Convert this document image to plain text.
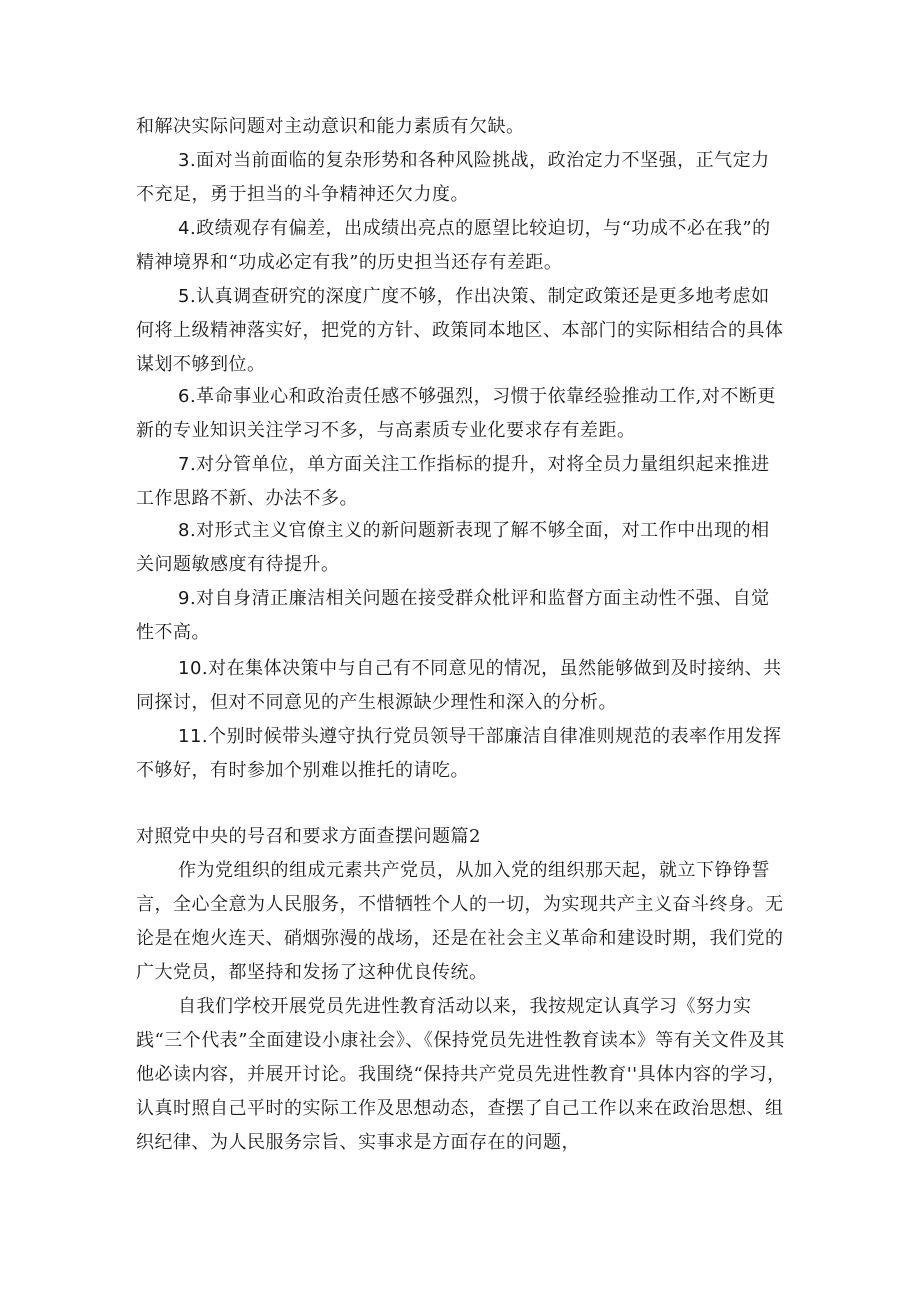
和解决实际问题对主动意识和能力素质有欠缺。

3.面对当前面临的复杂形势和各种风险挑战，政治定力不坚强，正气定力不充足，勇于担当的斗争精神还欠力度。

4.政绩观存有偏差，出成绩出亮点的愿望比较迫切，与“功成不必在我”的精神境界和“功成必定有我”的历史担当还存有差距。

5.认真调查研究的深度广度不够，作出决策、制定政策还是更多地考虑如何将上级精神落实好，把党的方针、政策同本地区、本部门的实际相结合的具体谋划不够到位。

6.革命事业心和政治责任感不够强烈，习惯于依靠经验推动工作,对不断更新的专业知识关注学习不多，与高素质专业化要求存有差距。

7.对分管单位，单方面关注工作指标的提升，对将全员力量组织起来推进工作思路不新、办法不多。

8.对形式主义官僚主义的新问题新表现了解不够全面，对工作中出现的相关问题敏感度有待提升。

9.对自身清正廉洁相关问题在接受群众枇评和监督方面主动性不强、自觉性不高。

10.对在集体决策中与自己有不同意见的情况，虽然能够做到及时接纳、共同探讨，但对不同意见的产生根源缺少理性和深入的分析。

11.个别时候带头遵守执行党员领导干部廉洁自律准则规范的表率作用发挥不够好，有时参加个别难以推托的请吃。

对照党中央的号召和要求方面查摆问题篇2

作为党组织的组成元素共产党员，从加入党的组织那天起，就立下铮铮誓言，全心全意为人民服务，不惜牺牲个人的一切，为实现共产主义奋斗终身。无论是在炮火连天、硝烟弥漫的战场，还是在社会主义革命和建设时期，我们党的广大党员，都坚持和发扬了这种优良传统。

自我们学校开展党员先进性教育活动以来，我按规定认真学习《努力实践“三个代表”全面建设小康社会》、《保持党员先进性教育读本》等有关文件及其他必读内容，并展开讨论。我围绕“保持共产党员先进性教育''具体内容的学习，认真时照自己平时的实际工作及思想动态，查摆了自己工作以来在政治思想、组织纪律、为人民服务宗旨、实事求是方面存在的问题，
